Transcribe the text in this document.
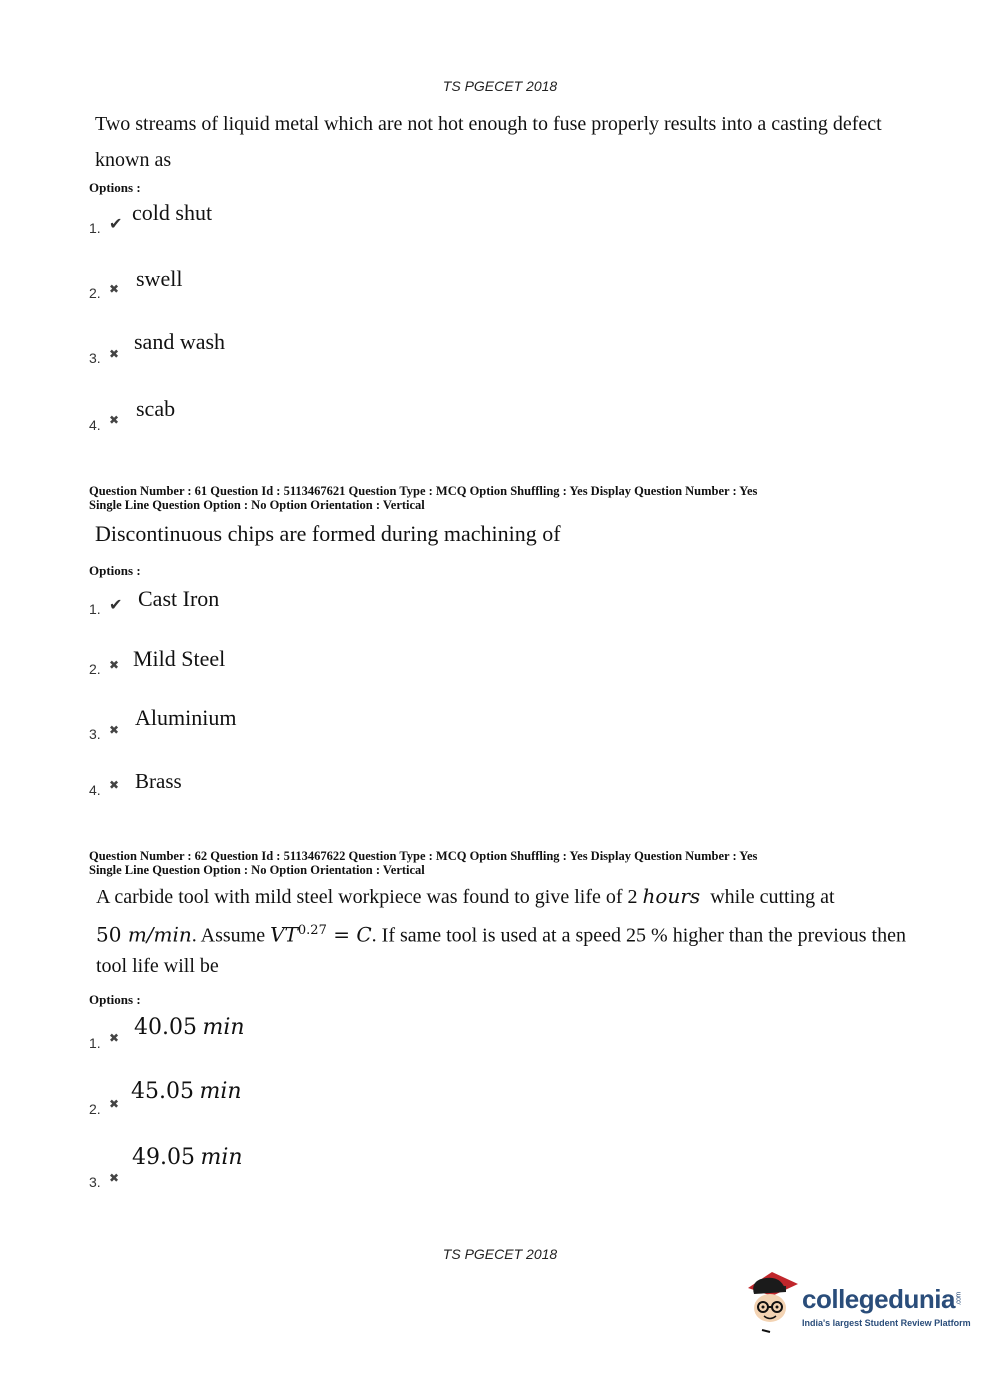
TS PGECET 2018
Two streams of liquid metal which are not hot enough to fuse properly results into a casting defect
known as
Options :
1. ✔ cold shut
2. ✖ swell
3. ✖ sand wash
4. ✖ scab
Question Number : 61 Question Id : 5113467621 Question Type : MCQ Option Shuffling : Yes Display Question Number : Yes
Single Line Question Option : No Option Orientation : Vertical
Discontinuous chips are formed during machining of
Options :
1. ✔ Cast Iron
2. ✖ Mild Steel
3. ✖ Aluminium
4. ✖ Brass
Question Number : 62 Question Id : 5113467622 Question Type : MCQ Option Shuffling : Yes Display Question Number : Yes
Single Line Question Option : No Option Orientation : Vertical
A carbide tool with mild steel workpiece was found to give life of 2 hours  while cutting at
50 m/min. Assume $VT^{0.27} = C$. If same tool is used at a speed 25 % higher than the previous then
tool life will be
Options :
1. ✖ 40.05 min
2. ✖ 45.05 min
3. ✖
49.05 min
TS PGECET 2018
collegedunia.com
India's largest Student Review Platform
